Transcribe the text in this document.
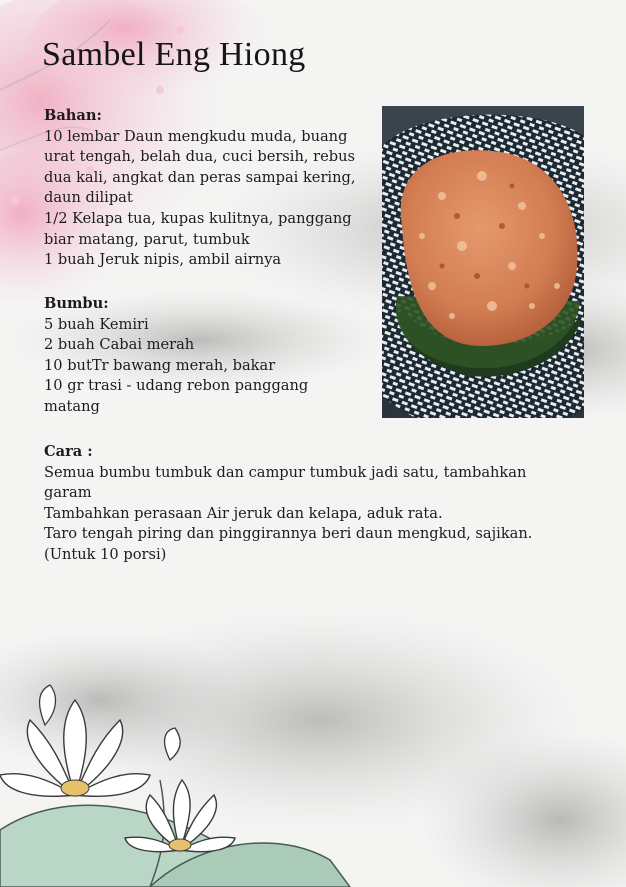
Sambel Eng Hiong
Bahan:
10 lembar Daun mengkudu muda, buang
urat tengah, belah dua, cuci bersih, rebus
dua kali, angkat dan peras sampai kering,
daun dilipat
1/2 Kelapa tua, kupas kulitnya, panggang
biar matang, parut, tumbuk
1 buah Jeruk nipis, ambil airnya
Bumbu:
5 buah Kemiri
2 buah Cabai merah
10 butTr bawang merah, bakar
10 gr trasi - udang rebon panggang
matang
Cara :
Semua bumbu tumbuk dan campur tumbuk jadi satu, tambahkan
garam
Tambahkan perasaan Air jeruk dan kelapa, aduk rata.
Taro tengah piring dan pinggirannya beri daun mengkud, sajikan.
(Untuk 10 porsi)
